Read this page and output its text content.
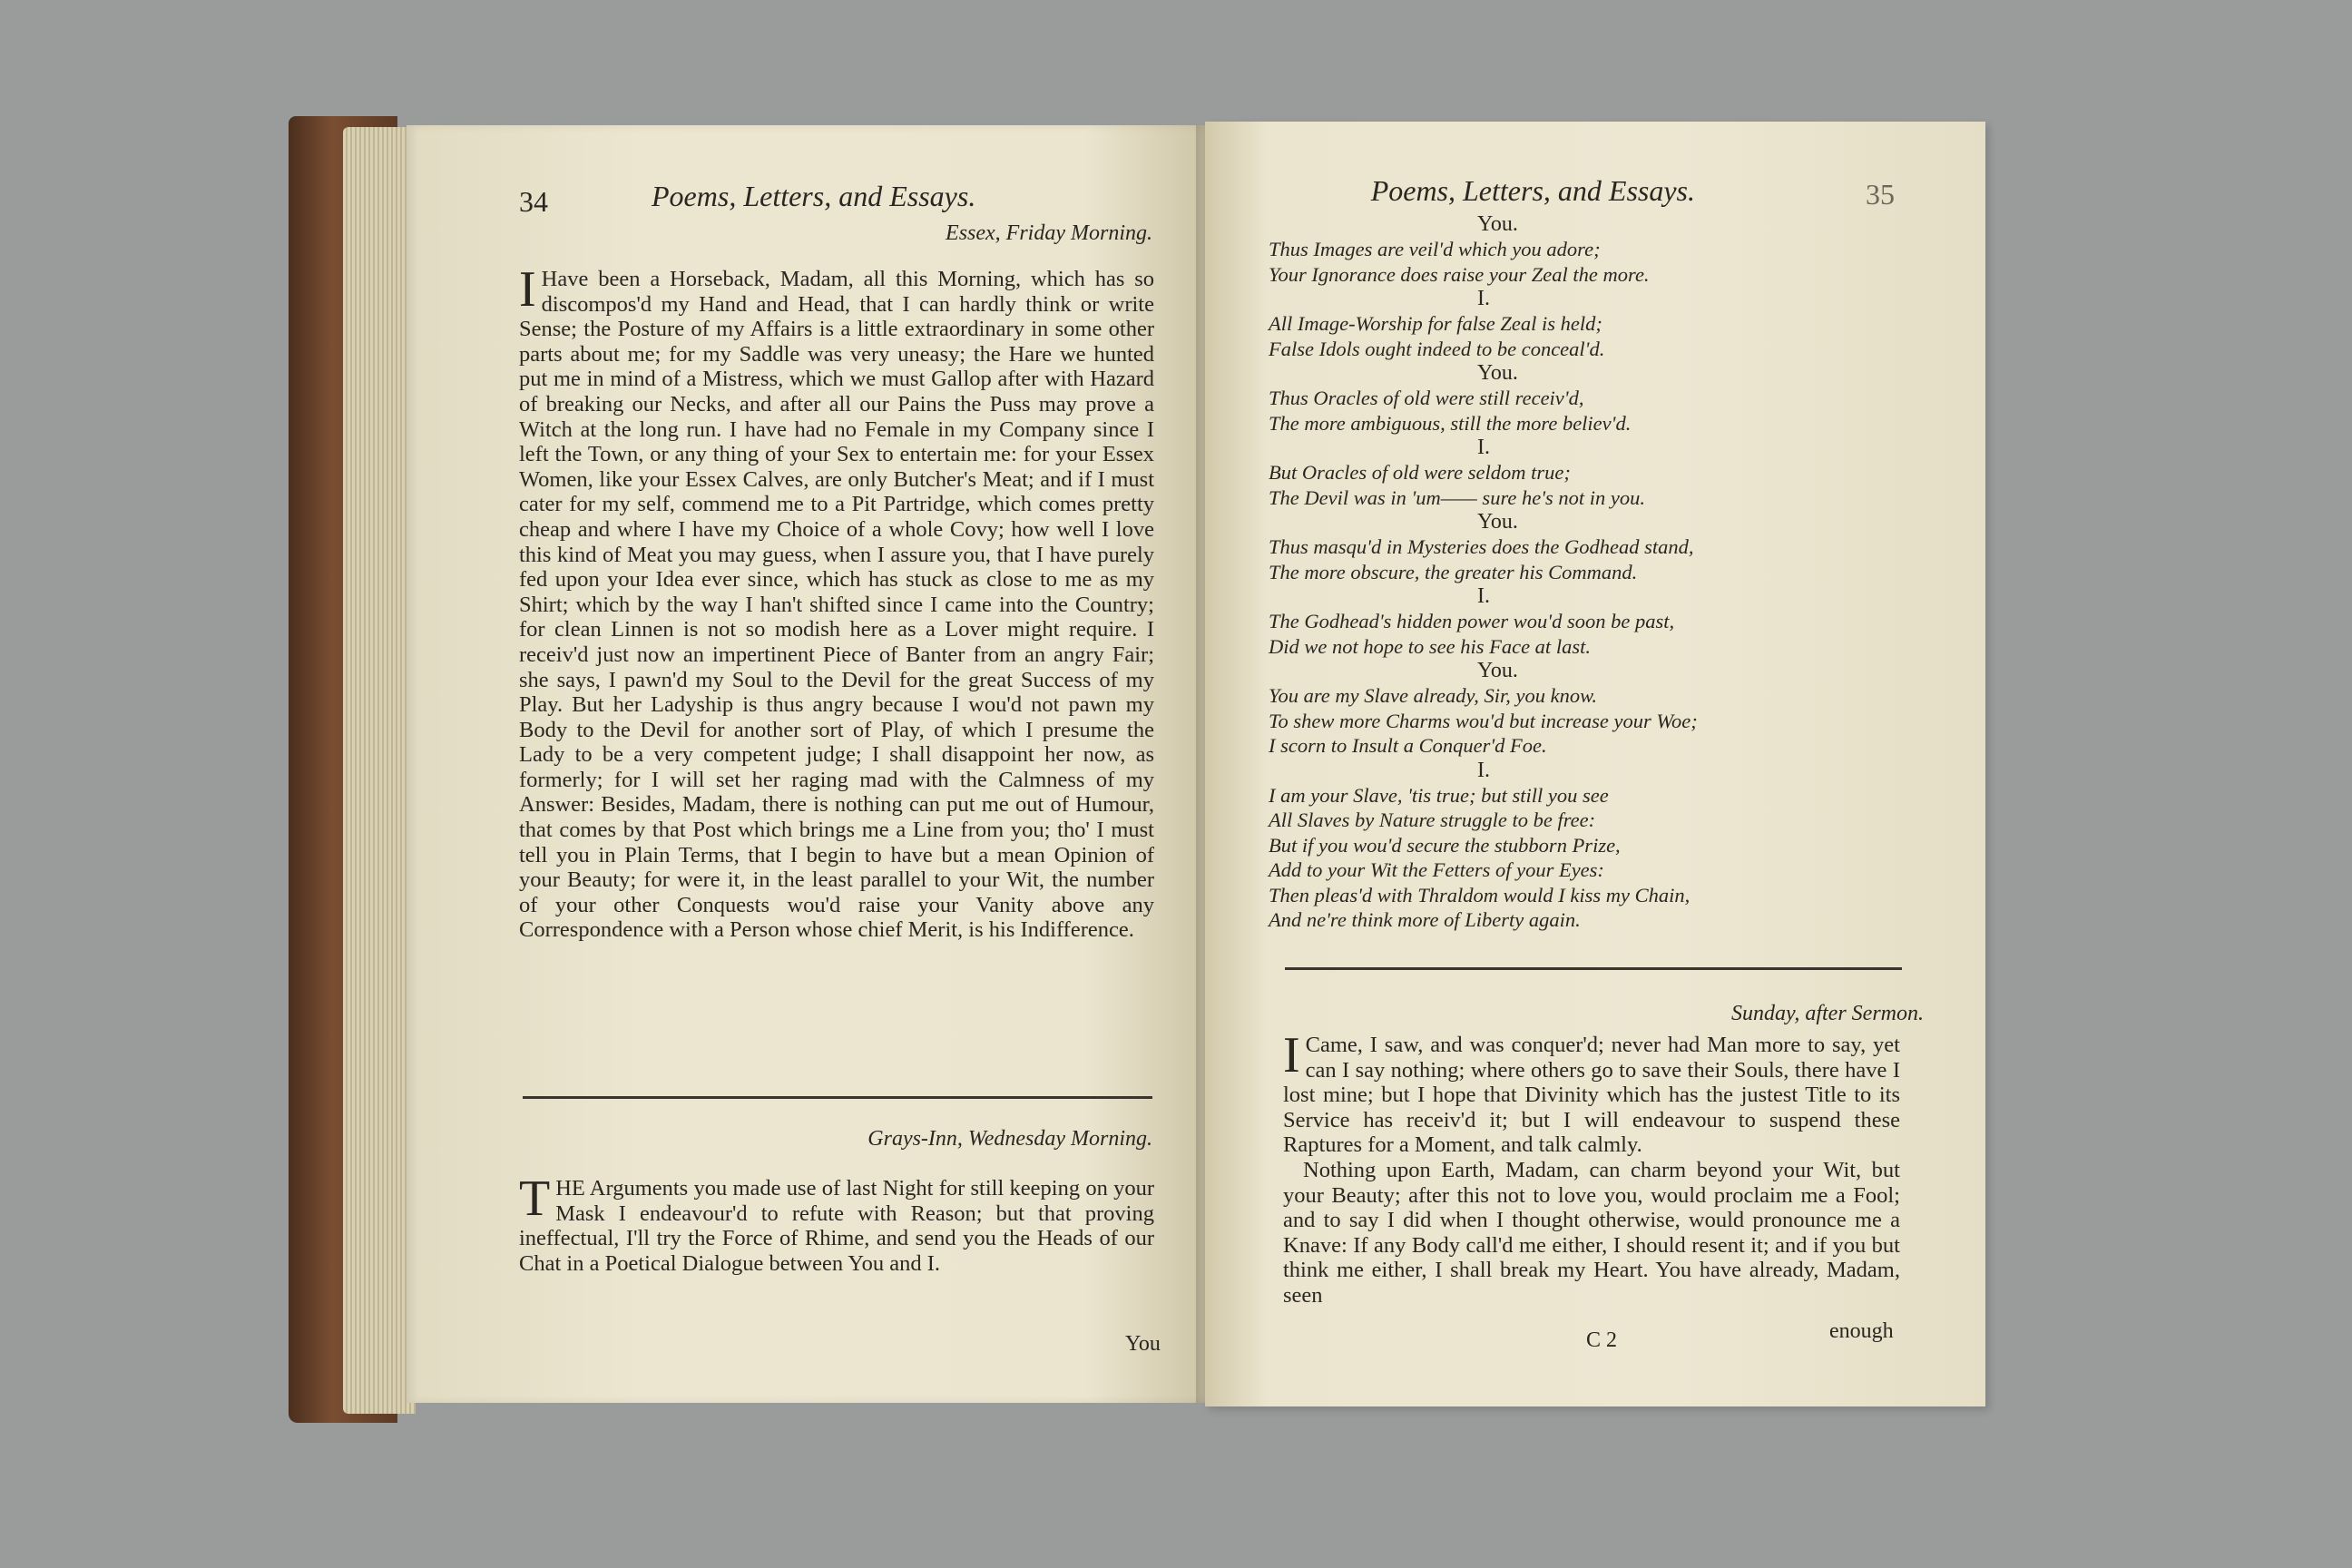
34	Poems, Letters, and Essays.
Essex, Friday Morning.
I Have been a Horseback, Madam, all this Morning, which has so discompos'd my Hand and Head, that I can hardly think or write Sense; the Posture of my Affairs is a little extraordinary in some other parts about me; for my Saddle was very uneasy; the Hare we hunted put me in mind of a Mistress, which we must Gallop after with Hazard of breaking our Necks, and after all our Pains the Puss may prove a Witch at the long run. I have had no Female in my Company since I left the Town, or any thing of your Sex to entertain me: for your Essex Women, like your Essex Calves, are only Butcher's Meat; and if I must cater for my self, commend me to a Pit Partridge, which comes pretty cheap and where I have my Choice of a whole Covy; how well I love this kind of Meat you may guess, when I assure you, that I have purely fed upon your Idea ever since, which has stuck as close to me as my Shirt; which by the way I han't shifted since I came into the Country; for clean Linnen is not so modish here as a Lover might require. I receiv'd just now an impertinent Piece of Banter from an angry Fair; she says, I pawn'd my Soul to the Devil for the great Success of my Play. But her Ladyship is thus angry because I wou'd not pawn my Body to the Devil for another sort of Play, of which I presume the Lady to be a very competent judge; I shall disappoint her now, as formerly; for I will set her raging mad with the Calmness of my Answer: Besides, Madam, there is nothing can put me out of Humour, that comes by that Post which brings me a Line from you; tho' I must tell you in Plain Terms, that I begin to have but a mean Opinion of your Beauty; for were it, in the least parallel to your Wit, the number of your other Conquests wou'd raise your Vanity above any Correspondence with a Person whose chief Merit, is his Indifference.
Grays-Inn, Wednesday Morning.
T HE Arguments you made use of last Night for still keeping on your Mask I endeavour'd to refute with Reason; but that proving ineffectual, I'll try the Force of Rhime, and send you the Heads of our Chat in a Poetical Dialogue between You and I.
You
Poems, Letters, and Essays.	35
You.
Thus Images are veil'd which you adore;
Your Ignorance does raise your Zeal the more.
I.
All Image-Worship for false Zeal is held;
False Idols ought indeed to be conceal'd.
You.
Thus Oracles of old were still receiv'd,
The more ambiguous, still the more believ'd.
I.
But Oracles of old were seldom true;
The Devil was in 'um—— sure he's not in you.
You.
Thus masqu'd in Mysteries does the Godhead stand,
The more obscure, the greater his Command.
I.
The Godhead's hidden power wou'd soon be past,
Did we not hope to see his Face at last.
You.
You are my Slave already, Sir, you know.
To shew more Charms wou'd but increase your Woe;
I scorn to Insult a Conquer'd Foe.
I.
I am your Slave, 'tis true; but still you see
All Slaves by Nature struggle to be free:
But if you wou'd secure the stubborn Prize,
Add to your Wit the Fetters of your Eyes:
Then pleas'd with Thraldom would I kiss my Chain,
And ne're think more of Liberty again.
Sunday, after Sermon.

I Came, I saw, and was conquer'd; never had Man more to say, yet can I say nothing; where others go to save their Souls, there have I lost mine; but I hope that Divinity which has the justest Title to its Service has receiv'd it; but I will endeavour to suspend these Raptures for a Moment, and talk calmly.

Nothing upon Earth, Madam, can charm beyond your Wit, but your Beauty; after this not to love you, would proclaim me a Fool; and to say I did when I thought otherwise, would pronounce me a Knave: If any Body call'd me either, I should resent it; and if you but think me either, I shall break my Heart. You have already, Madam, seen

C 2	enough
